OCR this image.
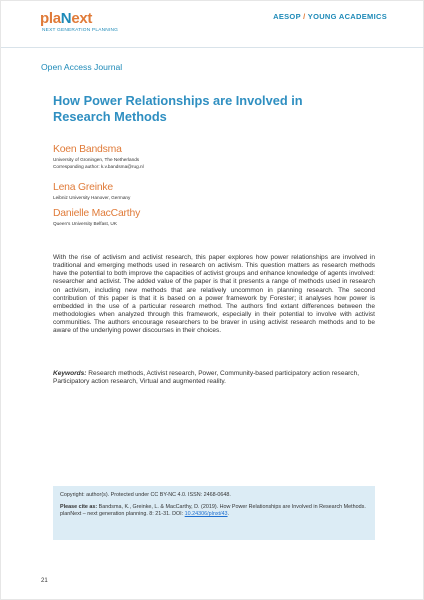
plaNext
NEXT GENERATION PLANNING
AESOP / YOUNG ACADEMICS
Open Access Journal
How Power Relationships are Involved in Research Methods
Koen Bandsma
University of Groningen, The Netherlands
Corresponding author: k.v.bandsma@rug.nl
Lena Greinke
Leibniz University Hanover, Germany
Danielle MacCarthy
Queen's University Belfast, UK

With the rise of activism and activist research, this paper explores how power relationships are involved in traditional and emerging methods used in research on activism. This question matters as research methods have the potential to both improve the capacities of activist groups and enhance knowledge of agents involved: researcher and activist. The added value of the paper is that it presents a range of methods used in research on activism, including new methods that are relatively uncommon in planning research. The second contribution of this paper is that it is based on a power framework by Forester; it analyses how power is embedded in the use of a particular research method. The authors find extant differences between the methodologies when analyzed through this framework, especially in their potential to involve with activist communities. The authors encourage researchers to be braver in using activist research methods and to be aware of the underlying power discourses in their choices.

Keywords: Research methods, Activist research, Power, Community-based participatory action research, Participatory action research, Virtual and augmented reality.

Copyright: author(s). Protected under CC BY-NC 4.0. ISSN: 2468-0648.
Please cite as: Bandsma, K., Greinke, L. & MacCarthy, D. (2019). How Power Relationships are Involved in Research Methods. planNext – next generation planning. 8: 21-31. DOI: 10.24306/plnxt/43.
21
